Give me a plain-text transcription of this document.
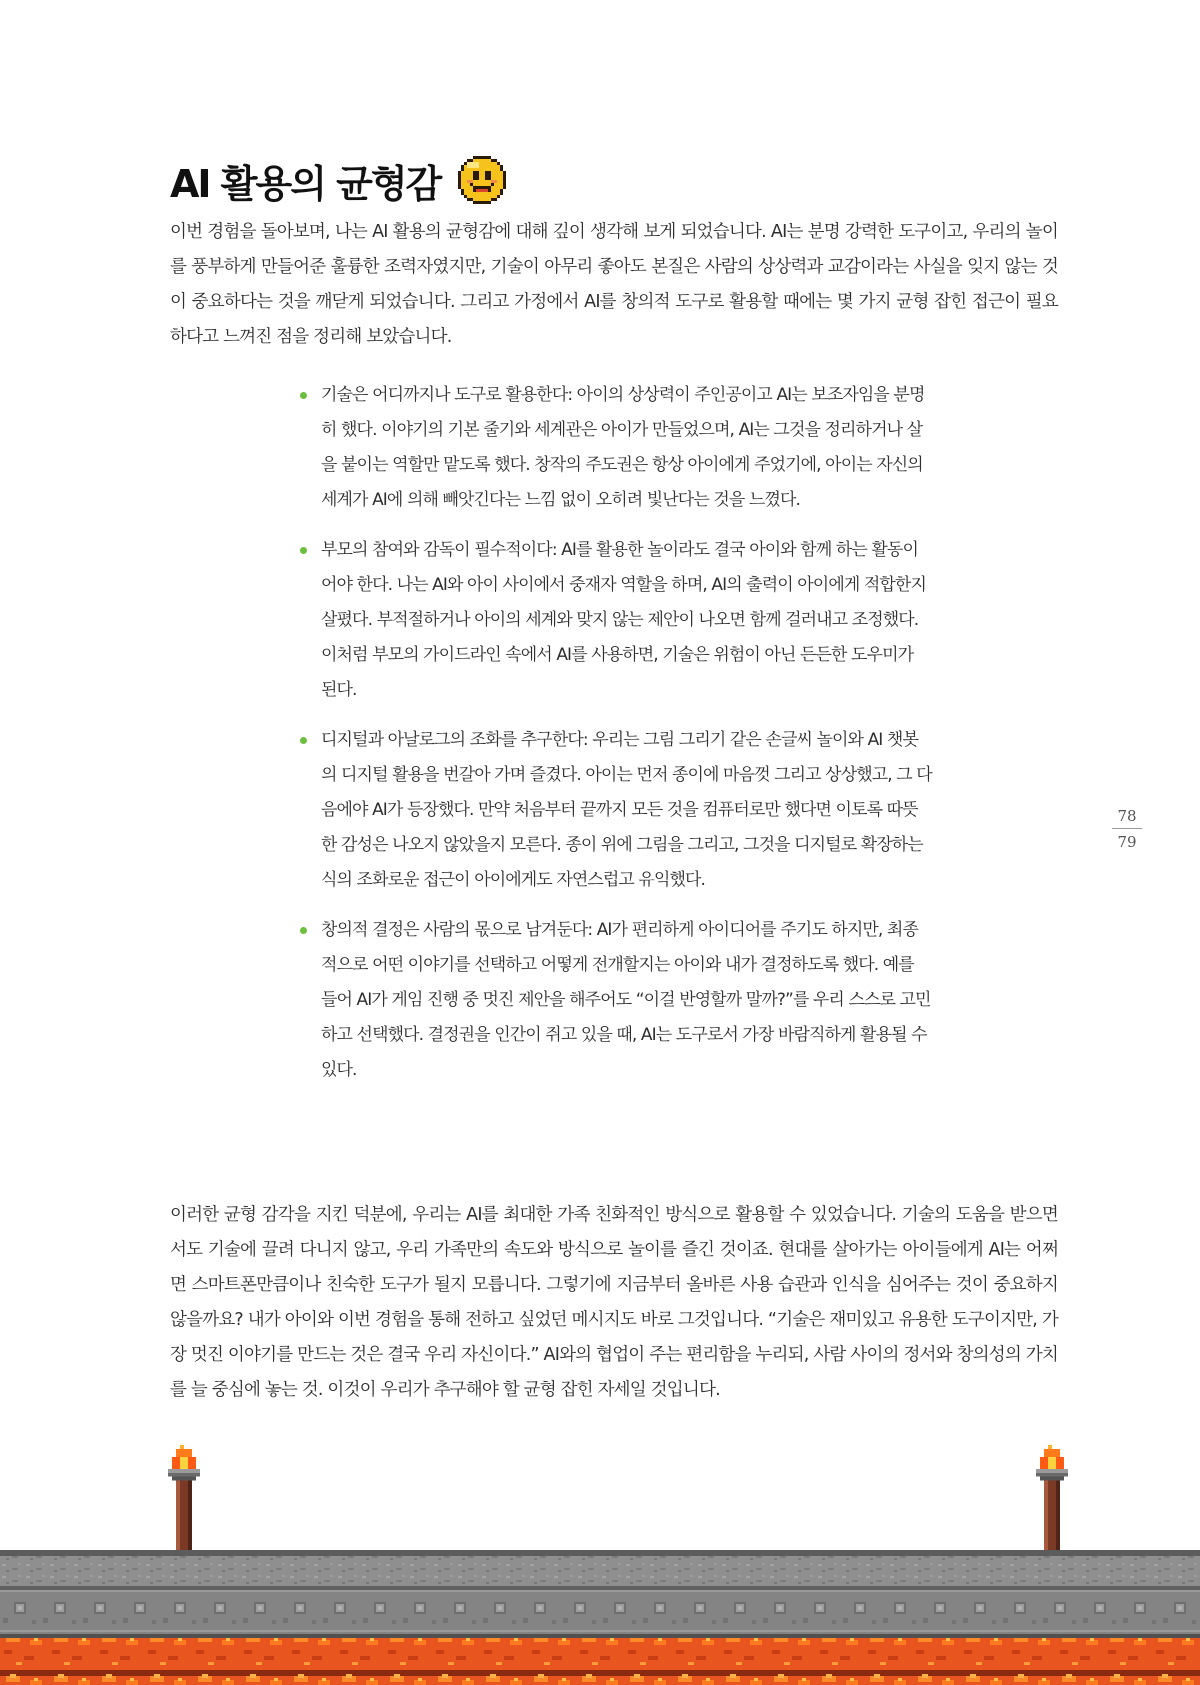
AI 활용의 균형감

이번 경험을 돌아보며, 나는 AI 활용의 균형감에 대해 깊이 생각해 보게 되었습니다. AI는 분명 강력한 도구이고, 우리의 놀이를 풍부하게 만들어준 훌륭한 조력자였지만, 기술이 아무리 좋아도 본질은 사람의 상상력과 교감이라는 사실을 잊지 않는 것이 중요하다는 것을 깨닫게 되었습니다. 그리고 가정에서 AI를 창의적 도구로 활용할 때에는 몇 가지 균형 잡힌 접근이 필요하다고 느껴진 점을 정리해 보았습니다.

기술은 어디까지나 도구로 활용한다: 아이의 상상력이 주인공이고 AI는 보조자임을 분명히 했다. 이야기의 기본 줄기와 세계관은 아이가 만들었으며, AI는 그것을 정리하거나 살을 붙이는 역할만 맡도록 했다. 창작의 주도권은 항상 아이에게 주었기에, 아이는 자신의 세계가 AI에 의해 빼앗긴다는 느낌 없이 오히려 빛난다는 것을 느꼈다.
부모의 참여와 감독이 필수적이다: AI를 활용한 놀이라도 결국 아이와 함께 하는 활동이어야 한다. 나는 AI와 아이 사이에서 중재자 역할을 하며, AI의 출력이 아이에게 적합한지 살폈다. 부적절하거나 아이의 세계와 맞지 않는 제안이 나오면 함께 걸러내고 조정했다. 이처럼 부모의 가이드라인 속에서 AI를 사용하면, 기술은 위험이 아닌 든든한 도우미가 된다.
디지털과 아날로그의 조화를 추구한다: 우리는 그림 그리기 같은 손글씨 놀이와 AI 챗봇의 디지털 활용을 번갈아 가며 즐겼다. 아이는 먼저 종이에 마음껏 그리고 상상했고, 그 다음에야 AI가 등장했다. 만약 처음부터 끝까지 모든 것을 컴퓨터로만 했다면 이토록 따뜻한 감성은 나오지 않았을지 모른다. 종이 위에 그림을 그리고, 그것을 디지털로 확장하는 식의 조화로운 접근이 아이에게도 자연스럽고 유익했다.
창의적 결정은 사람의 몫으로 남겨둔다: AI가 편리하게 아이디어를 주기도 하지만, 최종적으로 어떤 이야기를 선택하고 어떻게 전개할지는 아이와 내가 결정하도록 했다. 예를 들어 AI가 게임 진행 중 멋진 제안을 해주어도 “이걸 반영할까 말까?”를 우리 스스로 고민하고 선택했다. 결정권을 인간이 쥐고 있을 때, AI는 도구로서 가장 바람직하게 활용될 수 있다.

이러한 균형 감각을 지킨 덕분에, 우리는 AI를 최대한 가족 친화적인 방식으로 활용할 수 있었습니다. 기술의 도움을 받으면서도 기술에 끌려 다니지 않고, 우리 가족만의 속도와 방식으로 놀이를 즐긴 것이죠. 현대를 살아가는 아이들에게 AI는 어쩌면 스마트폰만큼이나 친숙한 도구가 될지 모릅니다. 그렇기에 지금부터 올바른 사용 습관과 인식을 심어주는 것이 중요하지 않을까요? 내가 아이와 이번 경험을 통해 전하고 싶었던 메시지도 바로 그것입니다. “기술은 재미있고 유용한 도구이지만, 가장 멋진 이야기를 만드는 것은 결국 우리 자신이다.” AI와의 협업이 주는 편리함을 누리되, 사람 사이의 정서와 창의성의 가치를 늘 중심에 놓는 것. 이것이 우리가 추구해야 할 균형 잡힌 자세일 것입니다.

78
79
